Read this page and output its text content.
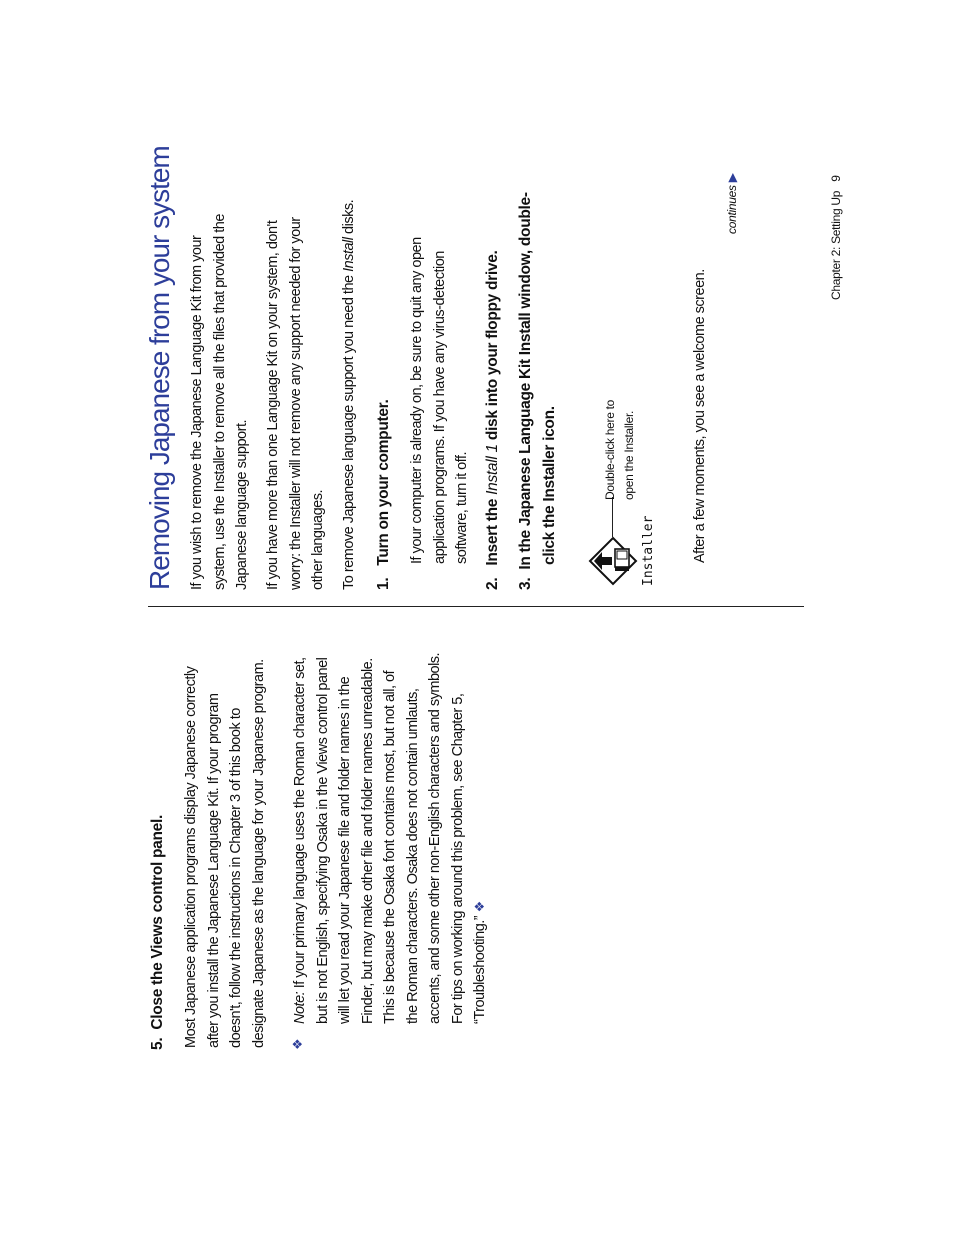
5.  Close the Views control panel. Most Japanese application programs display Japanese correctly after you install the Japanese Language Kit. If your program doesn't, follow the instructions in Chapter 3 of this book to designate Japanese as the language for your Japanese program. ❖
Note: If your primary language uses the Roman character set, but is not English, specifying Osaka in the Views control panel will let you read your Japanese file and folder names in the Finder, but may make other file and folder names unreadable. This is because the Osaka font contains most, but not all, of the Roman characters. Osaka does not contain umlauts, accents, and some other non-English characters and symbols. For tips on working around this problem, see Chapter 5, “Troubleshooting.” ❖
Removing Japanese from your system If you wish to remove the Japanese Language Kit from your system, use the Installer to remove all the files that provided the Japanese language support. If you have more than one Language Kit on your system, don't worry: the Installer will not remove any support needed for your other languages. To remove Japanese language support you need the Install disks.
1.   Turn on your computer. If your computer is already on, be sure to quit any open application programs. If you have any virus-detection software, turn it off.
2.   Insert the Install 1 disk into your floppy drive.
3.  In the Japanese Language Kit Install window, double- click the Installer icon.	Installer
Double-click here to open the Installer.	After a few moments, you see a welcome screen.
continues ▶
Chapter 2: Setting Up   9
